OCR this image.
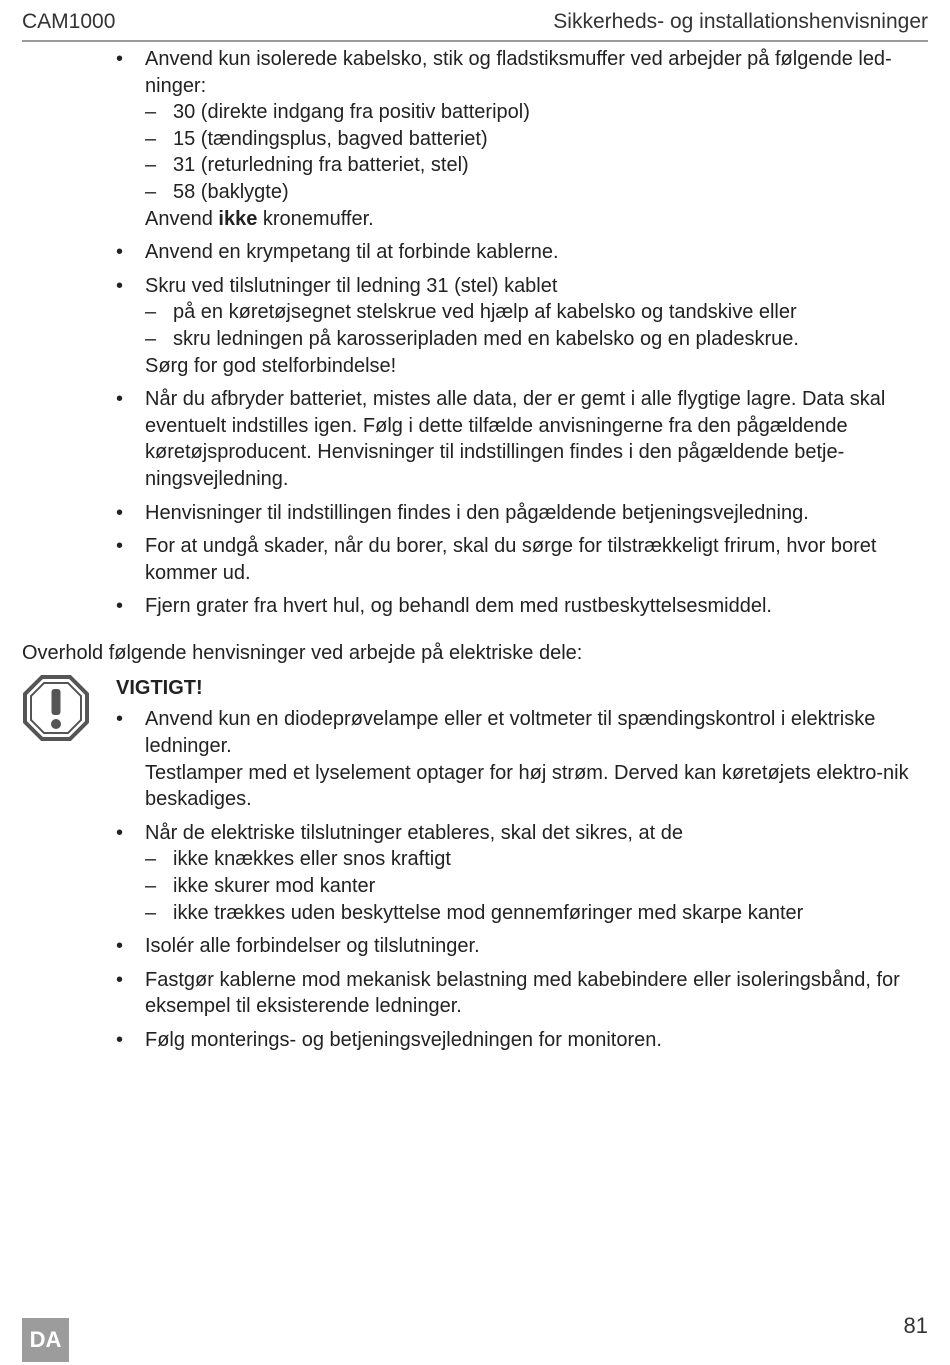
CAM1000	Sikkerheds- og installationshenvisninger
• Anvend kun isolerede kabelsko, stik og fladstiksmuffer ved arbejder på følgende led-ninger:
– 30 (direkte indgang fra positiv batteripol)
– 15 (tændingsplus, bagved batteriet)
– 31 (returledning fra batteriet, stel)
– 58 (baklygte)
Anvend ikke kronemuffer.
• Anvend en krympetang til at forbinde kablerne.
• Skru ved tilslutninger til ledning 31 (stel) kablet
– på en køretøjsegnet stelskrue ved hjælp af kabelsko og tandskive eller
– skru ledningen på karosseripladen med en kabelsko og en pladeskrue.
Sørg for god stelforbindelse!
• Når du afbryder batteriet, mistes alle data, der er gemt i alle flygtige lagre. Data skal eventuelt indstilles igen. Følg i dette tilfælde anvisningerne fra den pågældende køretøjsproducent. Henvisninger til indstillingen findes i den pågældende betje-ningsvejledning.
• Henvisninger til indstillingen findes i den pågældende betjeningsvejledning.
• For at undgå skader, når du borer, skal du sørge for tilstrækkeligt frirum, hvor boret kommer ud.
• Fjern grater fra hvert hul, og behandl dem med rustbeskyttelsesmiddel.
Overhold følgende henvisninger ved arbejde på elektriske dele:
VIGTIGT!
• Anvend kun en diodeprøvelampe eller et voltmeter til spændingskontrol i elektriske ledninger.
Testlamper med et lyselement optager for høj strøm. Derved kan køretøjets elektro-nik beskadiges.
• Når de elektriske tilslutninger etableres, skal det sikres, at de
– ikke knækkes eller snos kraftigt
– ikke skurer mod kanter
– ikke trækkes uden beskyttelse mod gennemføringer med skarpe kanter
• Isolér alle forbindelser og tilslutninger.
• Fastgør kablerne mod mekanisk belastning med kabebindere eller isoleringsbånd, for eksempel til eksisterende ledninger.
• Følg monterings- og betjeningsvejledningen for monitoren.
DA
81
